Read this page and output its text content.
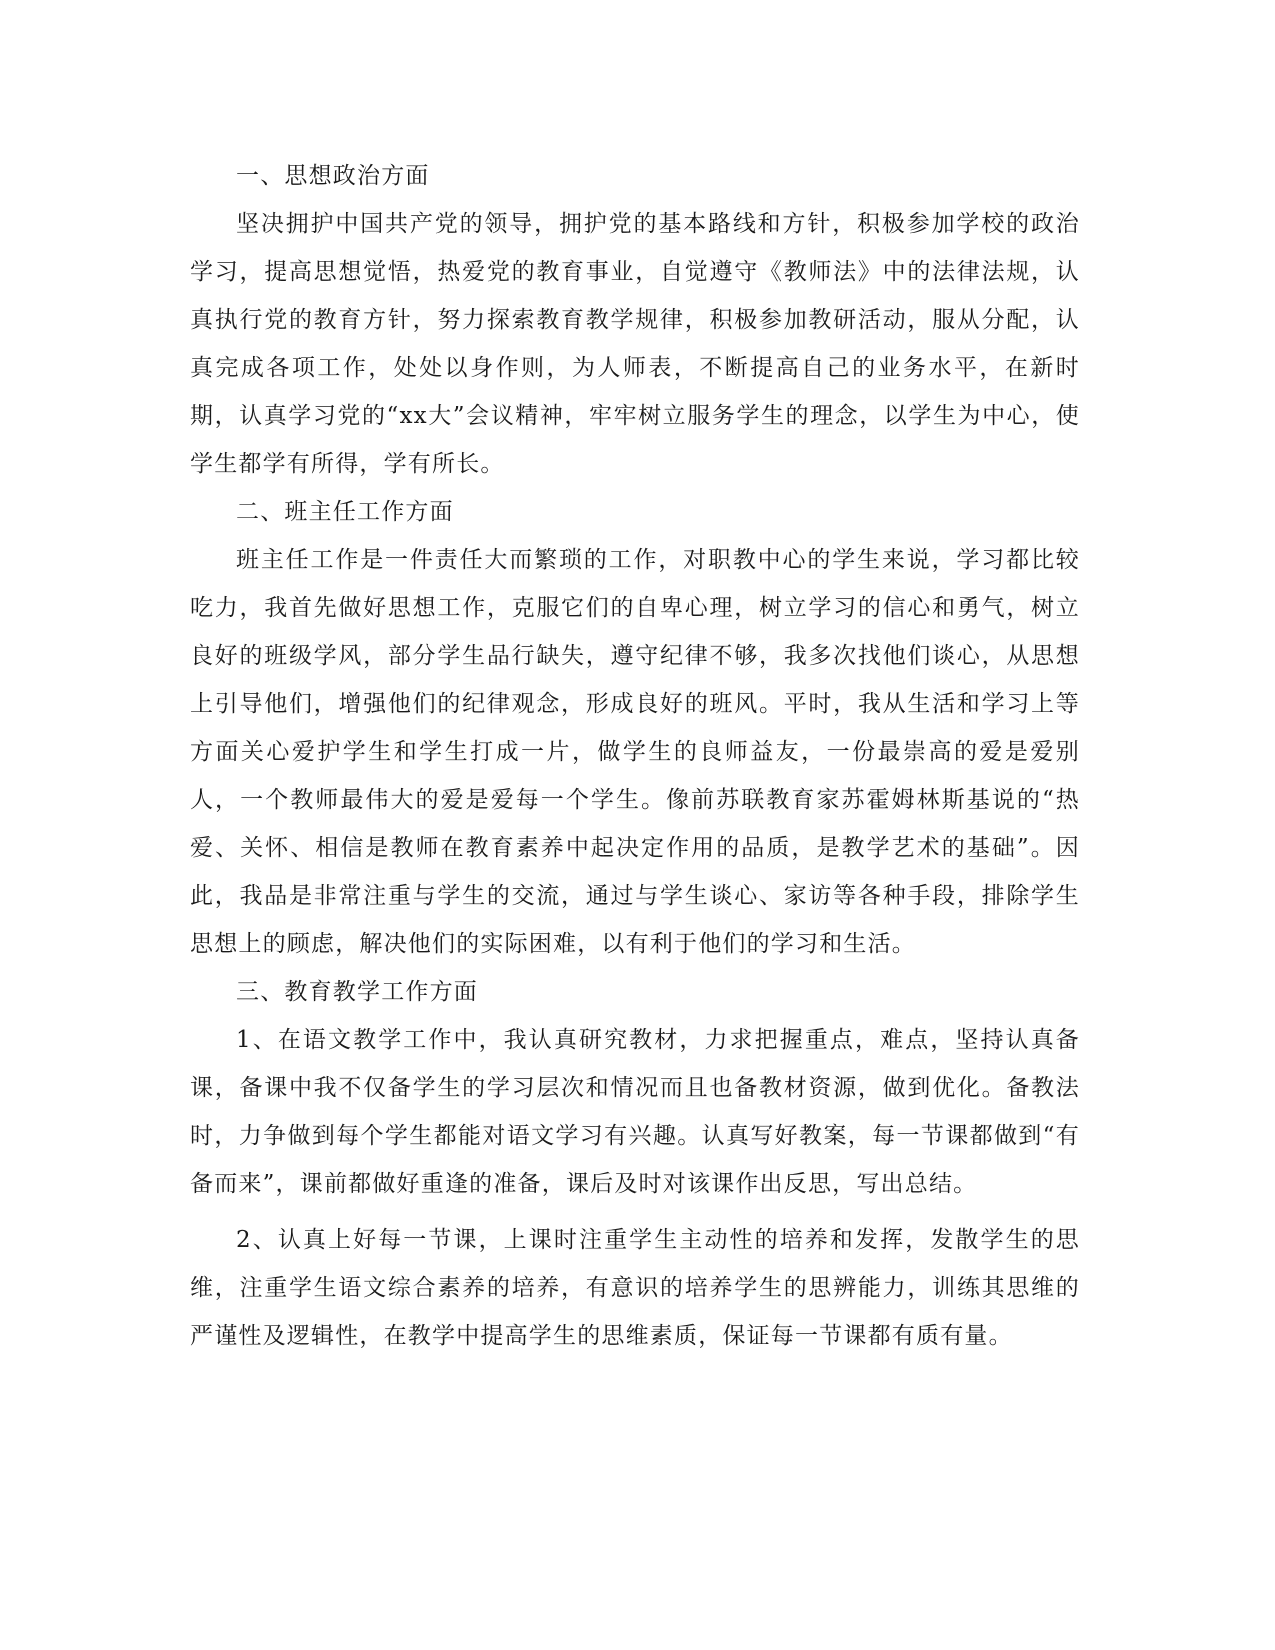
一、思想政治方面

坚决拥护中国共产党的领导，拥护党的基本路线和方针，积极参加学校的政治学习，提高思想觉悟，热爱党的教育事业，自觉遵守《教师法》中的法律法规，认真执行党的教育方针，努力探索教育教学规律，积极参加教研活动，服从分配，认真完成各项工作，处处以身作则，为人师表，不断提高自己的业务水平，在新时期，认真学习党的“xx大”会议精神，牢牢树立服务学生的理念，以学生为中心，使学生都学有所得，学有所长。

二、班主任工作方面

班主任工作是一件责任大而繁琐的工作，对职教中心的学生来说，学习都比较吃力，我首先做好思想工作，克服它们的自卑心理，树立学习的信心和勇气，树立良好的班级学风，部分学生品行缺失，遵守纪律不够，我多次找他们谈心，从思想上引导他们，增强他们的纪律观念，形成良好的班风。平时，我从生活和学习上等方面关心爱护学生和学生打成一片，做学生的良师益友，一份最崇高的爱是爱别人，一个教师最伟大的爱是爱每一个学生。像前苏联教育家苏霍姆林斯基说的“热爱、关怀、相信是教师在教育素养中起决定作用的品质，是教学艺术的基础”。因此，我品是非常注重与学生的交流，通过与学生谈心、家访等各种手段，排除学生思想上的顾虑，解决他们的实际困难，以有利于他们的学习和生活。

三、教育教学工作方面

1、在语文教学工作中，我认真研究教材，力求把握重点，难点，坚持认真备课，备课中我不仅备学生的学习层次和情况而且也备教材资源，做到优化。备教法时，力争做到每个学生都能对语文学习有兴趣。认真写好教案，每一节课都做到“有备而来”，课前都做好重逢的准备，课后及时对该课作出反思，写出总结。

2、认真上好每一节课，上课时注重学生主动性的培养和发挥，发散学生的思维，注重学生语文综合素养的培养，有意识的培养学生的思辨能力，训练其思维的严谨性及逻辑性，在教学中提高学生的思维素质，保证每一节课都有质有量。
